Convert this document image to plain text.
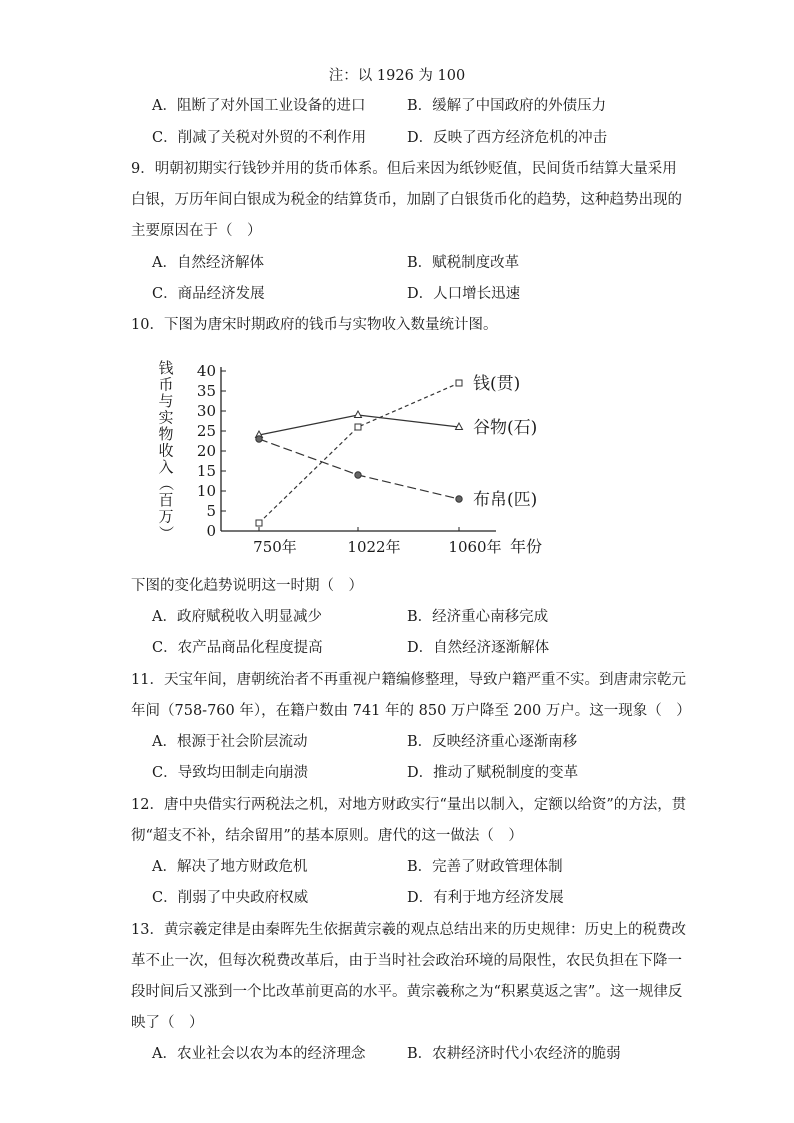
注：以 1926 为 100
A．阻断了对外国工业设备的进口	B．缓解了中国政府的外债压力
C．削减了关税对外贸的不利作用	D．反映了西方经济危机的冲击
9．明朝初期实行钱钞并用的货币体系。但后来因为纸钞贬值，民间货币结算大量采用
白银，万历年间白银成为税金的结算货币，加剧了白银货币化的趋势，这种趋势出现的
主要原因在于（　）
A．自然经济解体	B．赋税制度改革
C．商品经济发展	D．人口增长迅速
10．下图为唐宋时期政府的钱币与实物收入数量统计图。
0
5
10
15
20
25
30
35
40
750年	1022年	1060年 年份
钱
币
与
实
物
收
入
（
百
万
）
钱(贯)
谷物(石)
布帛(匹)
下图的变化趋势说明这一时期（　）
A．政府赋税收入明显减少	B．经济重心南移完成
C．农产品商品化程度提高	D．自然经济逐渐解体
11．天宝年间，唐朝统治者不再重视户籍编修整理，导致户籍严重不实。到唐肃宗乾元
年间（758-760 年），在籍户数由 741 年的 850 万户降至 200 万户。这一现象（　）
A．根源于社会阶层流动	B．反映经济重心逐渐南移
C．导致均田制走向崩溃	D．推动了赋税制度的变革
12．唐中央借实行两税法之机，对地方财政实行“量出以制入，定额以给资”的方法，贯
彻“超支不补，结余留用”的基本原则。唐代的这一做法（　）
A．解决了地方财政危机	B．完善了财政管理体制
C．削弱了中央政府权威	D．有利于地方经济发展
13．黄宗羲定律是由秦晖先生依据黄宗羲的观点总结出来的历史规律：历史上的税费改
革不止一次，但每次税费改革后，由于当时社会政治环境的局限性，农民负担在下降一
段时间后又涨到一个比改革前更高的水平。黄宗羲称之为“积累莫返之害”。这一规律反
映了（　）
A．农业社会以农为本的经济理念	B．农耕经济时代小农经济的脆弱
